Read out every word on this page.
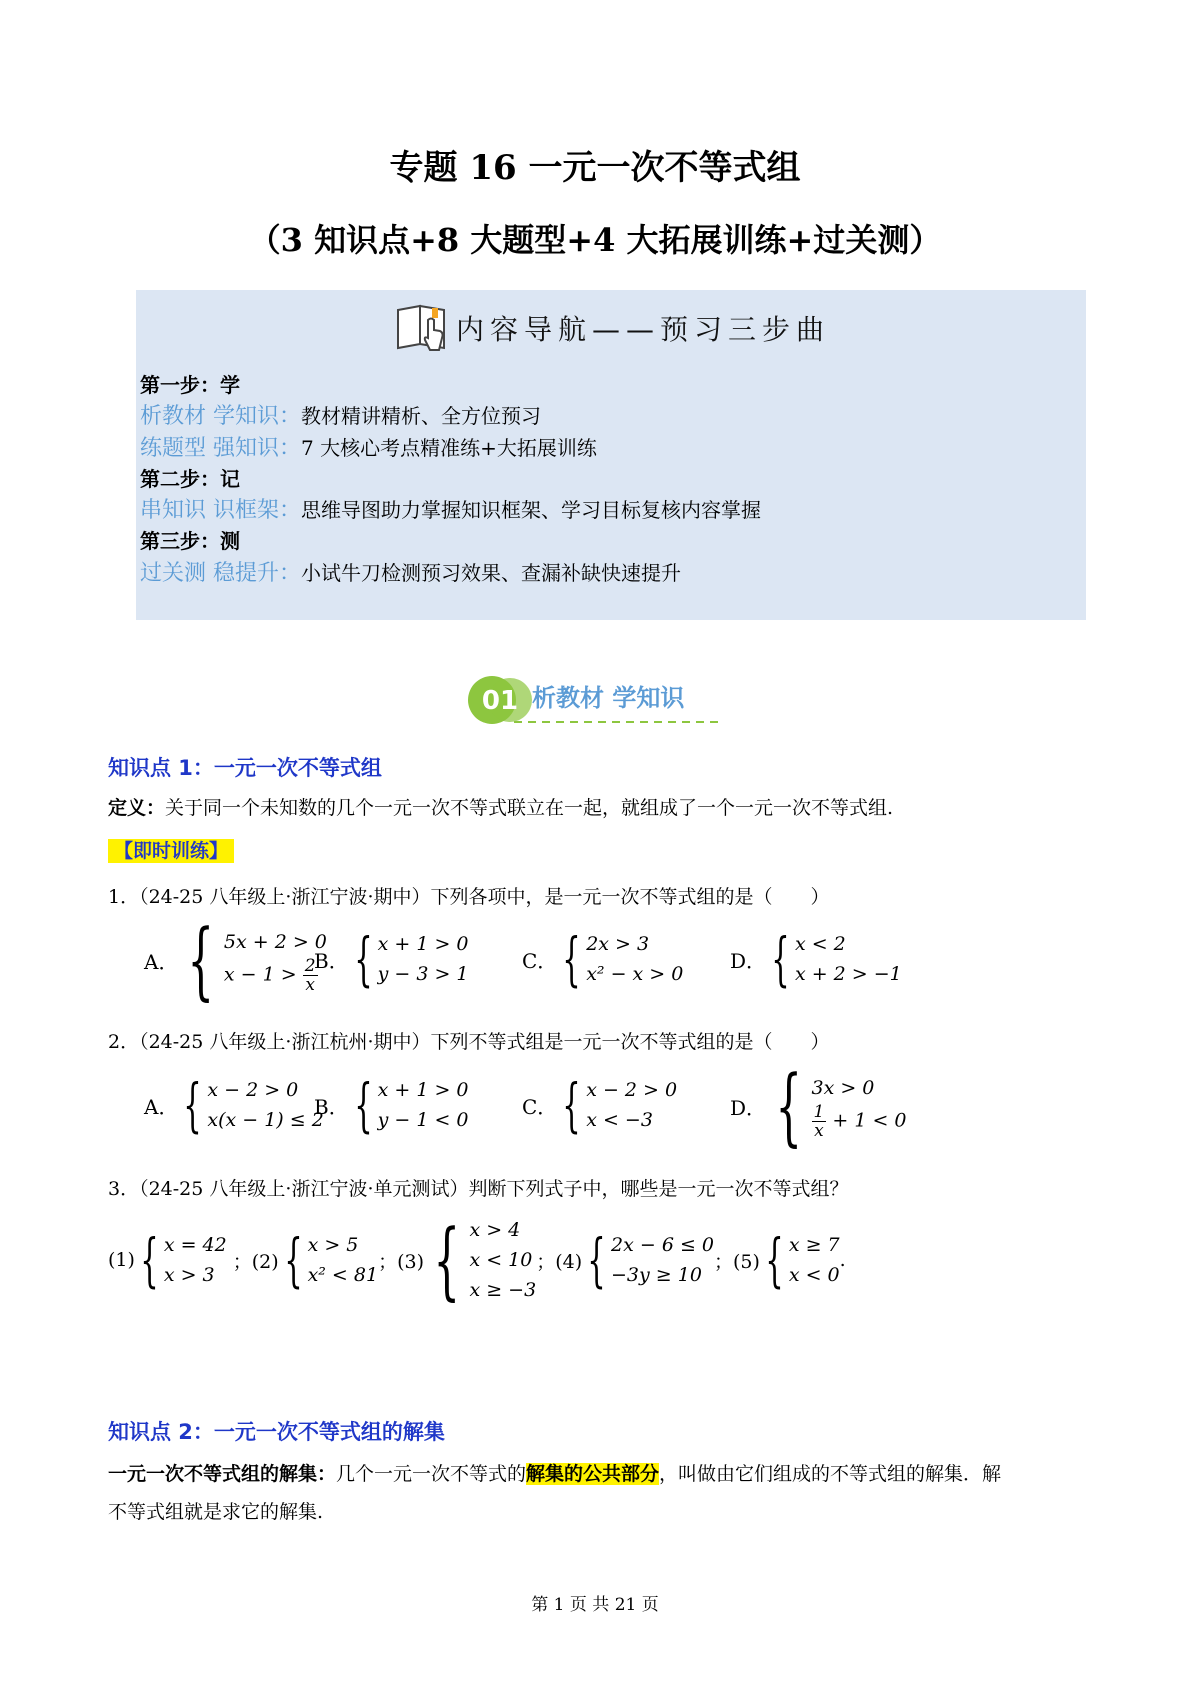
专题 16 一元一次不等式组
（3 知识点+8 大题型+4 大拓展训练+过关测）
内容导航——预习三步曲
第一步：学
析教材 学知识：教材精讲精析、全方位预习
练题型 强知识：7 大核心考点精准练+大拓展训练
第二步：记
串知识 识框架：思维导图助力掌握知识框架、学习目标复核内容掌握
第三步：测
过关测 稳提升：小试牛刀检测预习效果、查漏补缺快速提升
01 析教材 学知识
知识点 1：一元一次不等式组
定义：关于同一个未知数的几个一元一次不等式联立在一起，就组成了一个一元一次不等式组.
【即时训练】
1．（24-25 八年级上·浙江宁波·期中）下列各项中，是一元一次不等式组的是（　　）
A． { 5x + 2 > 0
$x - 1 > \frac{2}{x}$
B． { x + 1 > 0
y − 3 > 1
C． { 2x > 3
x² − x > 0
D． { x < 2
x + 2 > −1
2．（24-25 八年级上·浙江杭州·期中）下列不等式组是一元一次不等式组的是（　　）
A． { x − 2 > 0
x(x − 1) ≤ 2
B． { x + 1 > 0
y − 1 < 0
C． { x − 2 > 0
x < −3
D． { 3x > 0
$\frac{1}{x} + 1 < 0$
3．（24-25 八年级上·浙江宁波·单元测试）判断下列式子中，哪些是一元一次不等式组？
(1) { x = 42
x > 3
；(2) { x > 5
x² < 81
；(3) { x > 4
x < 10
x ≥ −3
；(4) { 2x − 6 ≤ 0
−3y ≥ 10
；(5) { x ≥ 7
x < 0
.
知识点 2：一元一次不等式组的解集
一元一次不等式组的解集：几个一元一次不等式的解集的公共部分，叫做由它们组成的不等式组的解集．解
不等式组就是求它的解集.
第 1 页 共 21 页
